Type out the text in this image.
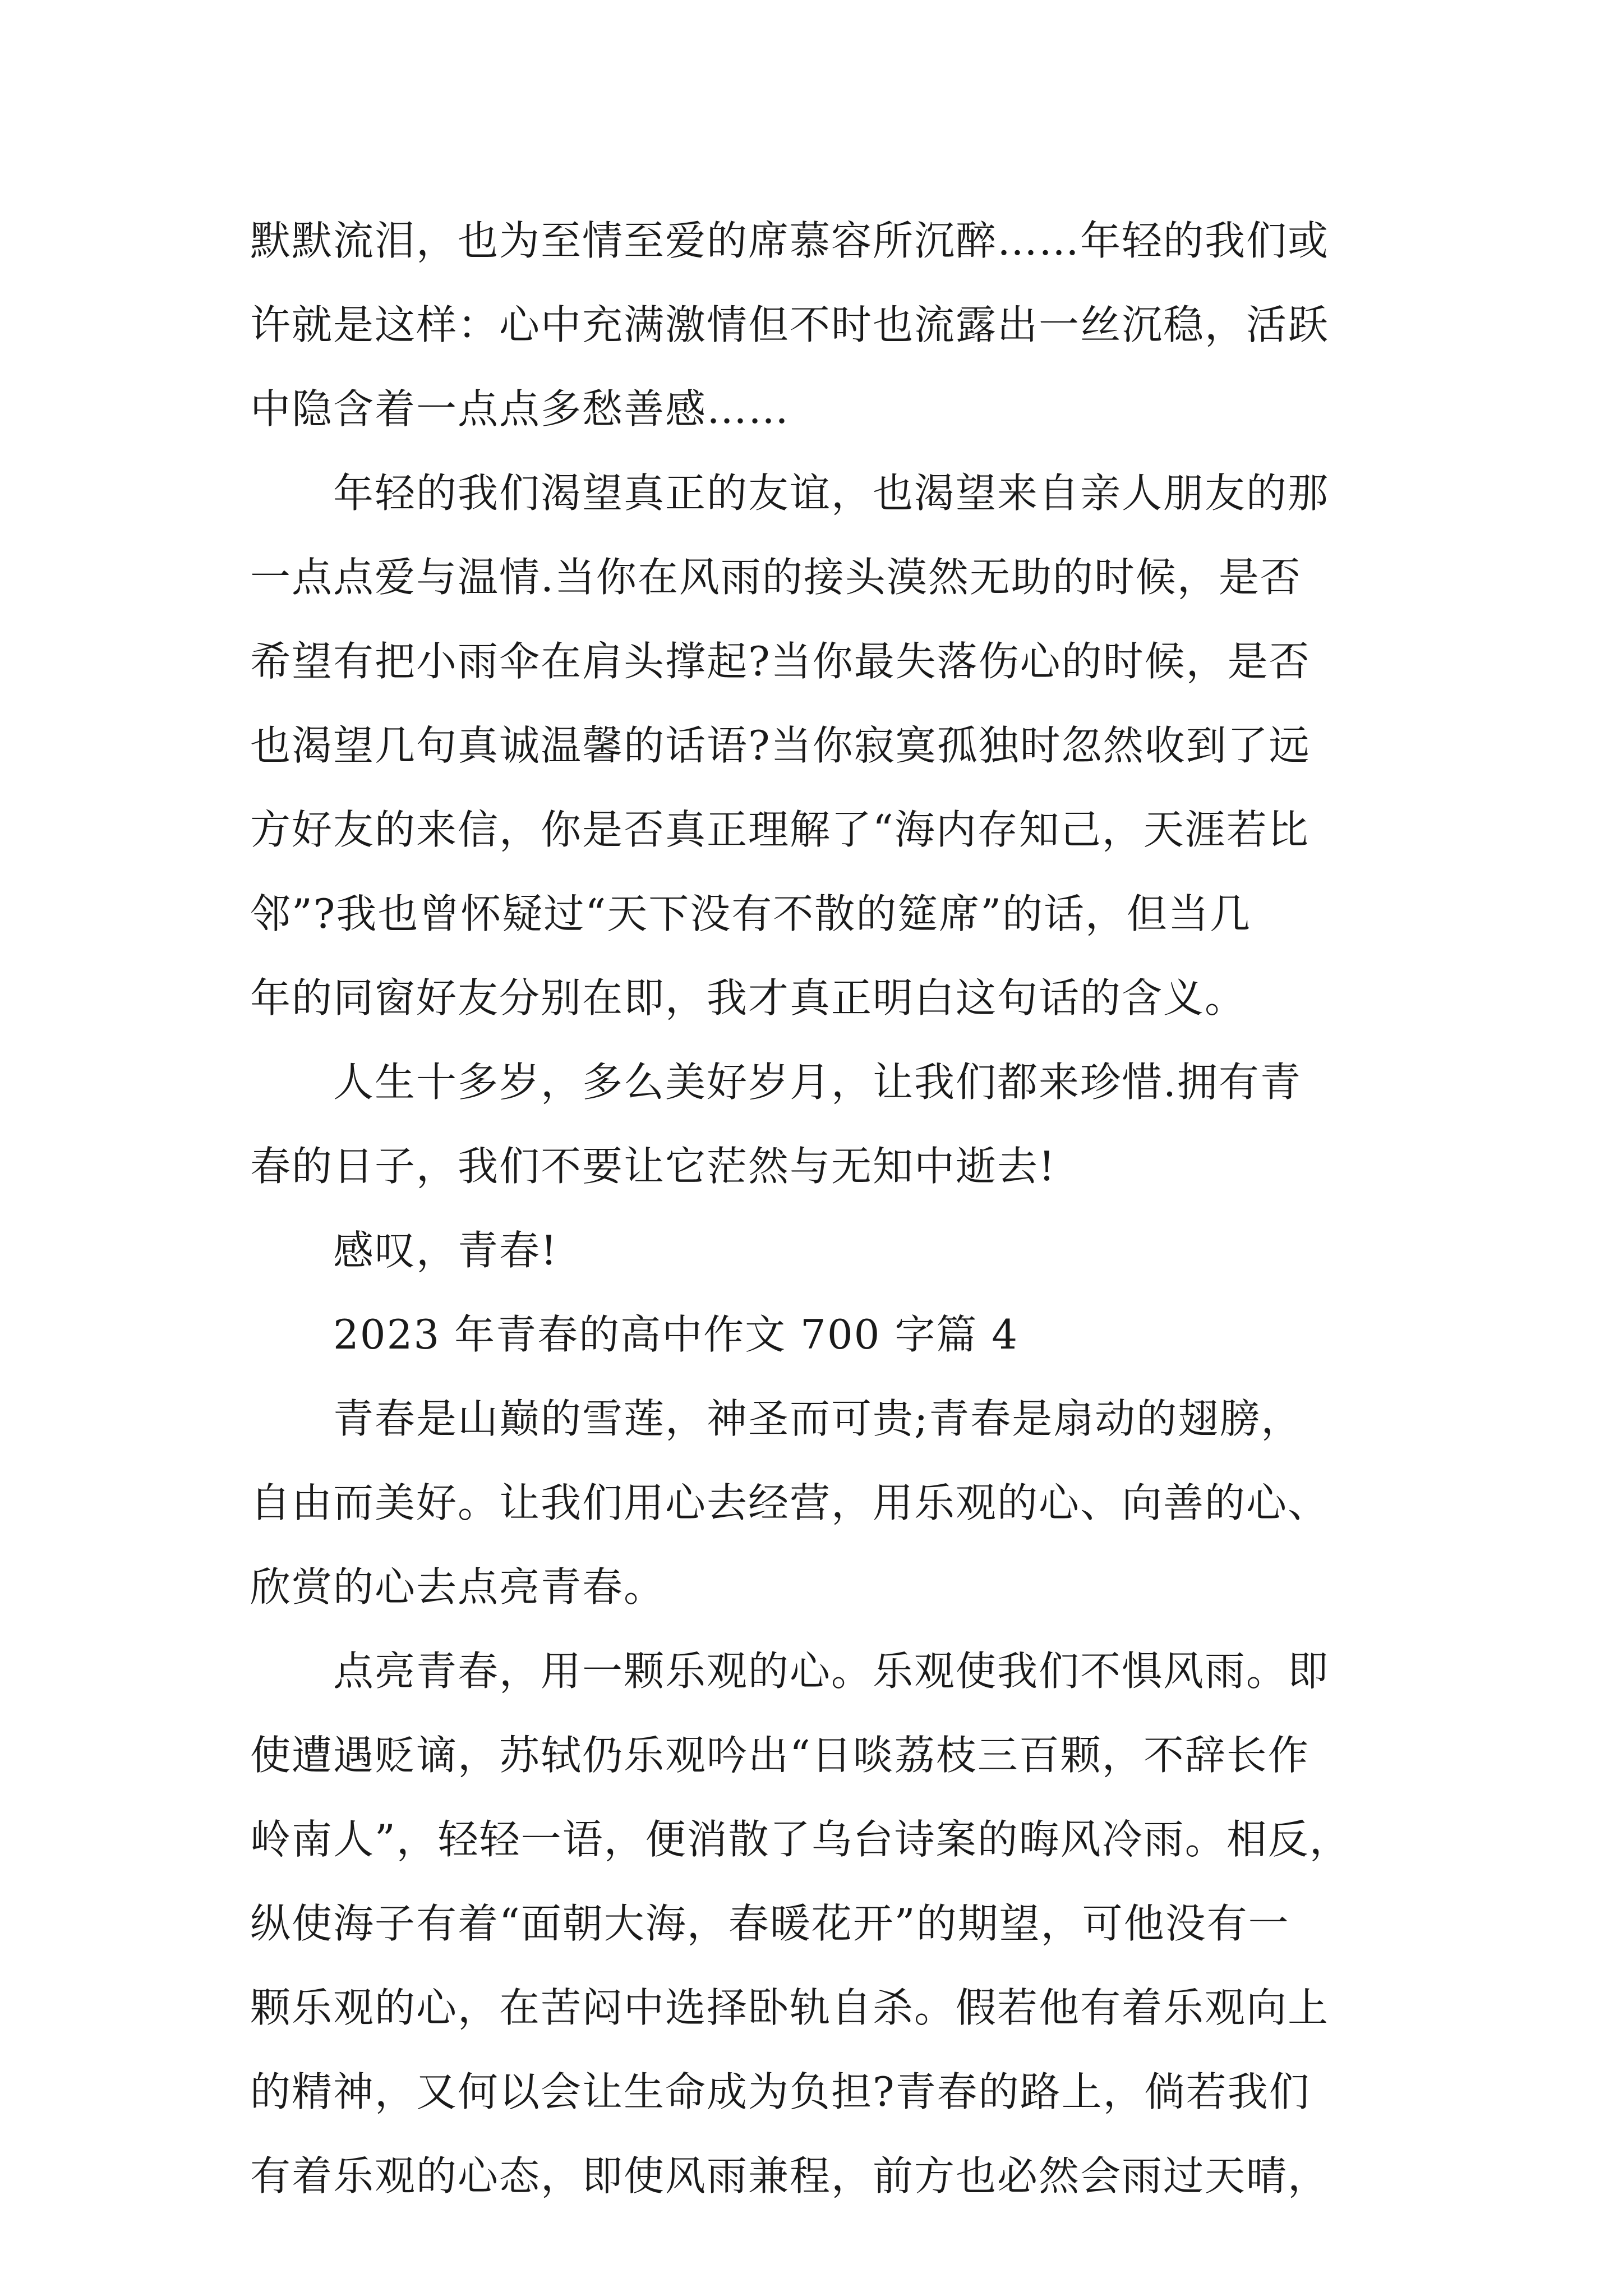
默默流泪，也为至情至爱的席慕容所沉醉……年轻的我们或
许就是这样：心中充满激情但不时也流露出一丝沉稳，活跃
中隐含着一点点多愁善感……
年轻的我们渴望真正的友谊，也渴望来自亲人朋友的那
一点点爱与温情.当你在风雨的接头漠然无助的时候，是否
希望有把小雨伞在肩头撑起?当你最失落伤心的时候，是否
也渴望几句真诚温馨的话语?当你寂寞孤独时忽然收到了远
方好友的来信，你是否真正理解了“海内存知己，天涯若比
邻”?我也曾怀疑过“天下没有不散的筵席”的话，但当几
年的同窗好友分别在即，我才真正明白这句话的含义。
人生十多岁，多么美好岁月，让我们都来珍惜.拥有青
春的日子，我们不要让它茫然与无知中逝去!
感叹，青春!
2023 年青春的高中作文 700 字篇 4
青春是山巅的雪莲，神圣而可贵;青春是扇动的翅膀，
自由而美好。让我们用心去经营，用乐观的心、向善的心、
欣赏的心去点亮青春。
点亮青春，用一颗乐观的心。乐观使我们不惧风雨。即
使遭遇贬谪，苏轼仍乐观吟出“日啖荔枝三百颗，不辞长作
岭南人”，轻轻一语，便消散了乌台诗案的晦风冷雨。相反，
纵使海子有着“面朝大海，春暖花开”的期望，可他没有一
颗乐观的心，在苦闷中选择卧轨自杀。假若他有着乐观向上
的精神，又何以会让生命成为负担?青春的路上，倘若我们
有着乐观的心态，即使风雨兼程，前方也必然会雨过天晴，
